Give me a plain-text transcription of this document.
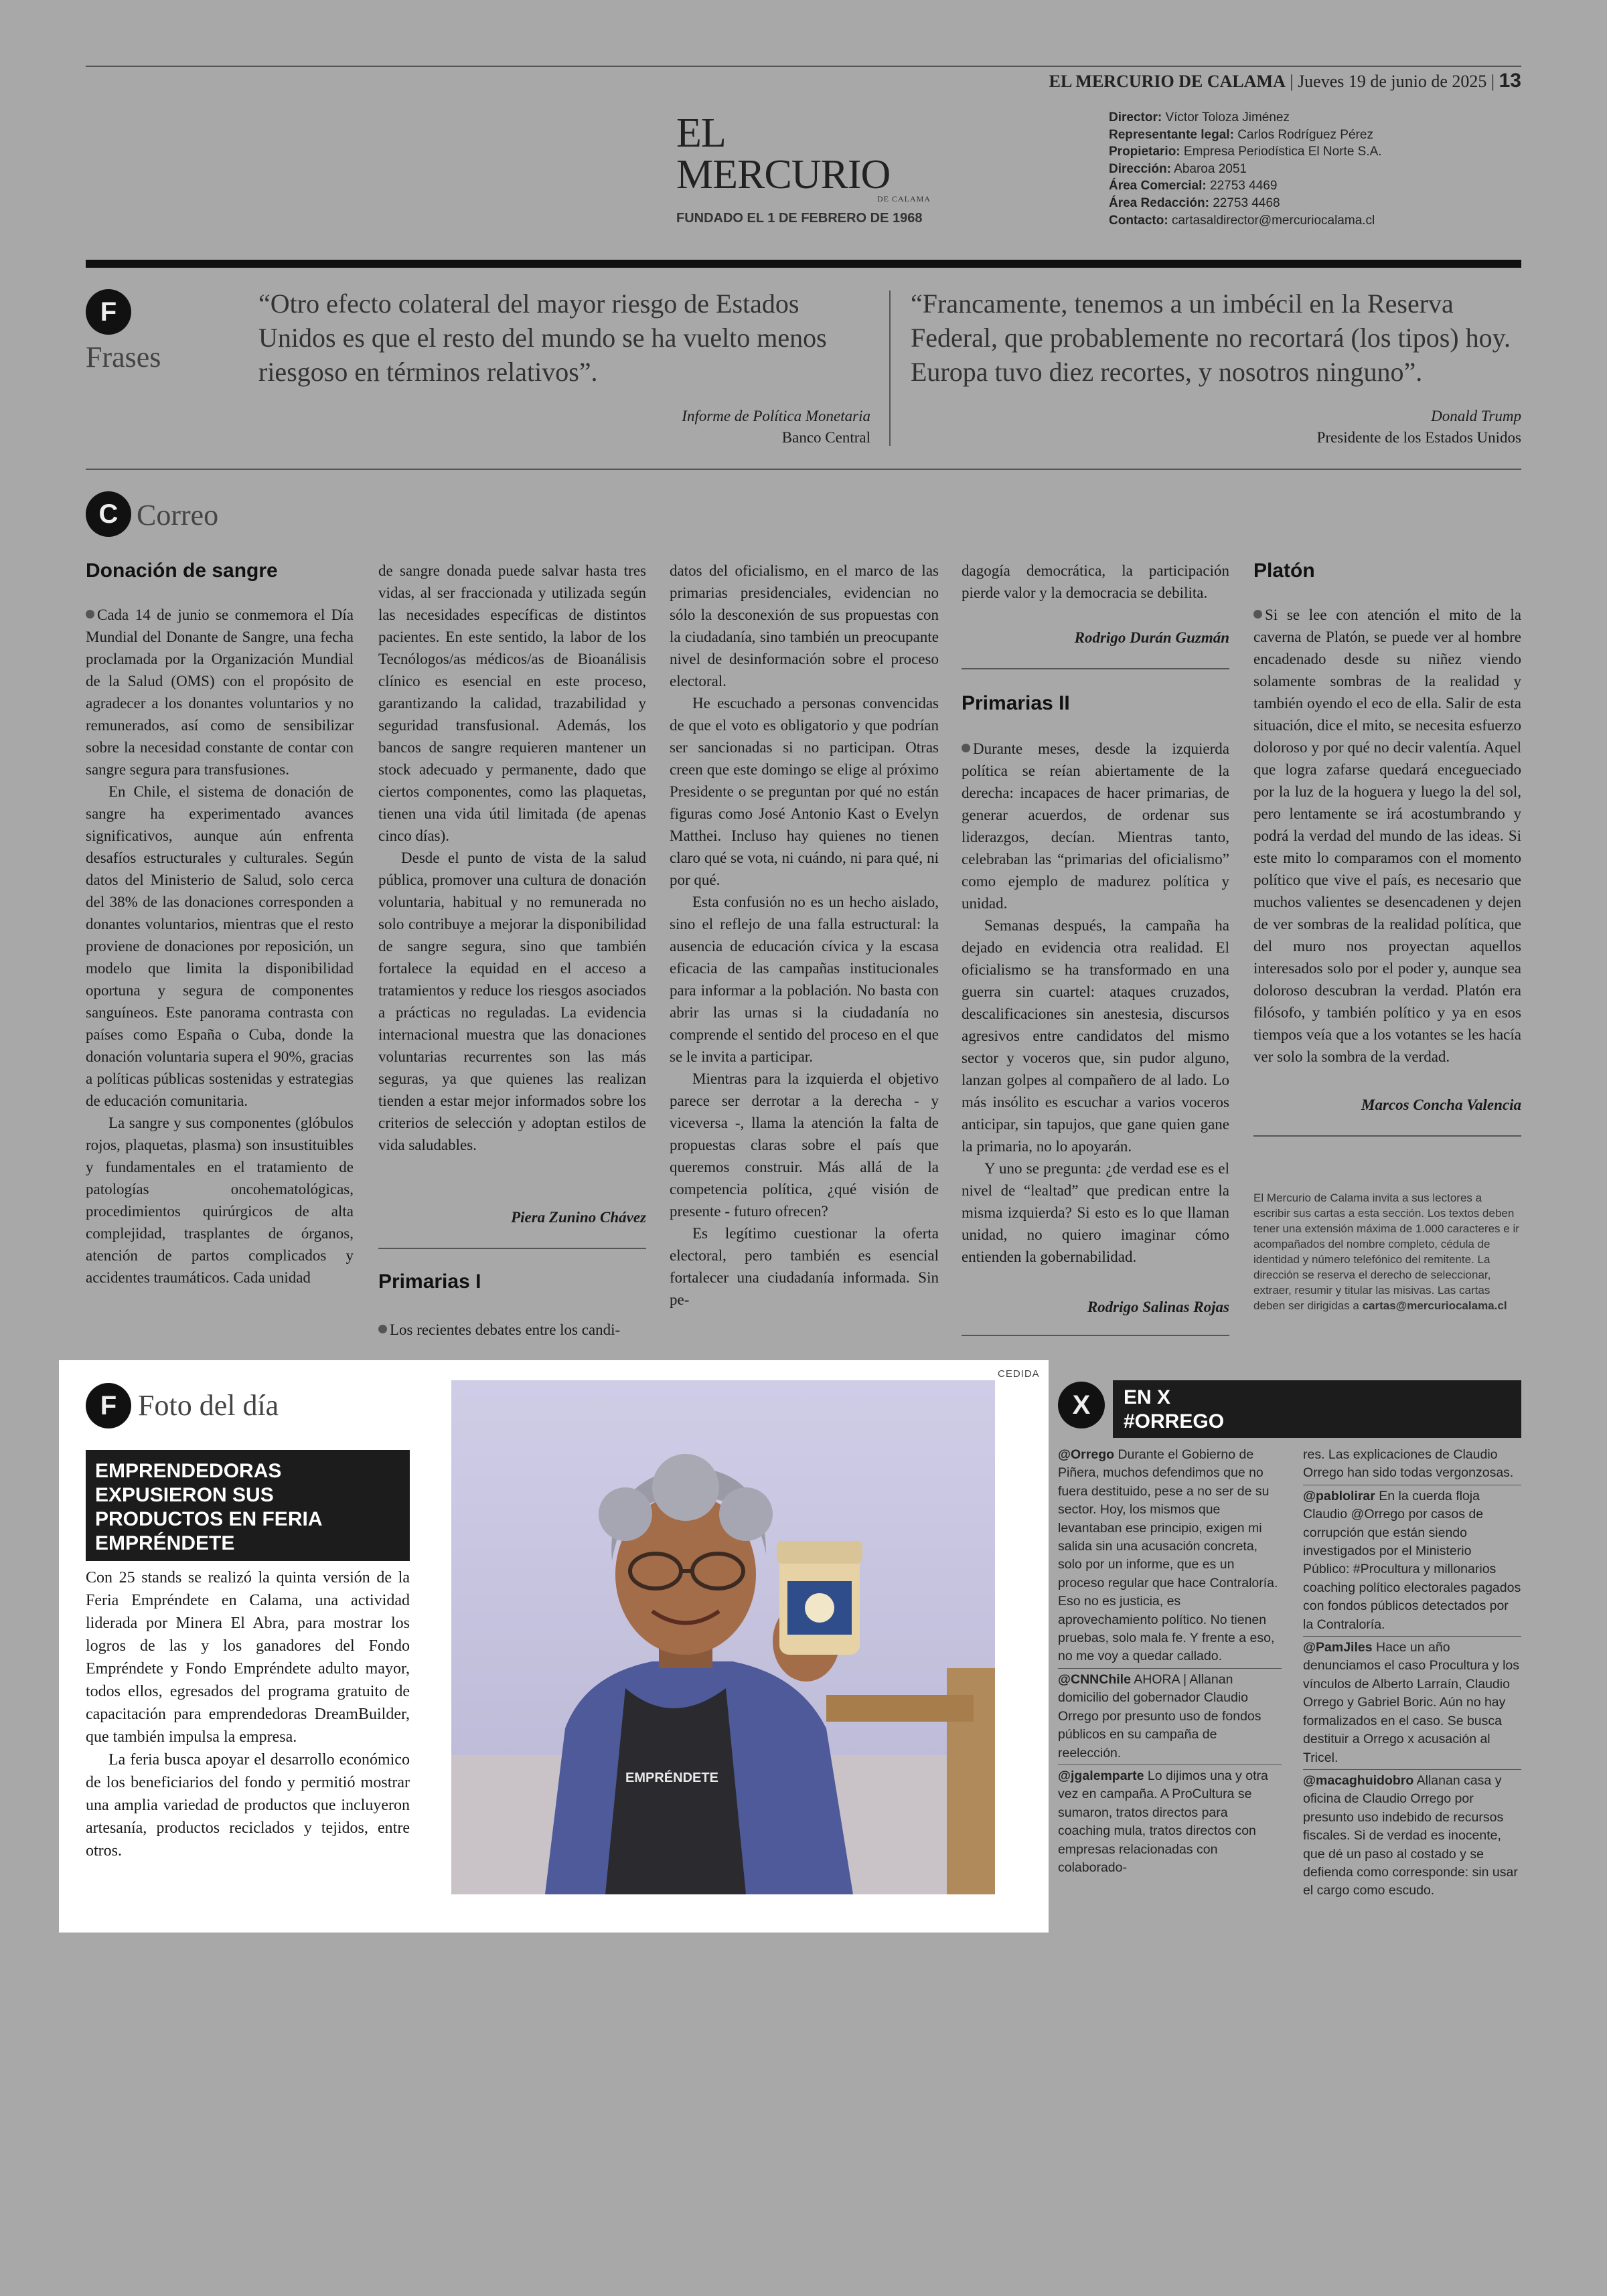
EL MERCURIO DE CALAMA | Jueves 19 de junio de 2025 | 13
EL MERCURIO
DE CALAMA
FUNDADO EL 1 DE FEBRERO DE 1968
Director: Víctor Toloza Jiménez
Representante legal: Carlos Rodríguez Pérez
Propietario: Empresa Periodística El Norte S.A.
Dirección: Abaroa 2051
Área Comercial: 22753 4469
Área Redacción: 22753 4468
Contacto: cartasaldirector@mercuriocalama.cl
F
Frases
“Otro efecto colateral del mayor riesgo de Estados Unidos es que el resto del mundo se ha vuelto menos riesgoso en términos relativos”.
Informe de Política Monetaria
Banco Central
“Francamente, tenemos a un imbécil en la Reserva Federal, que probablemente no recortará (los tipos) hoy. Europa tuvo diez recortes, y nosotros ninguno”.
Donald Trump
Presidente de los Estados Unidos
C Correo
Donación de sangre

Cada 14 de junio se conmemora el Día Mundial del Donante de Sangre, una fecha proclamada por la Organización Mundial de la Salud (OMS) con el propósito de agradecer a los donantes voluntarios y no remunerados, así como de sensibilizar sobre la necesidad constante de contar con sangre segura para transfusiones.

En Chile, el sistema de donación de sangre ha experimentado avances significativos, aunque aún enfrenta desafíos estructurales y culturales. Según datos del Ministerio de Salud, solo cerca del 38% de las donaciones corresponden a donantes voluntarios, mientras que el resto proviene de donaciones por reposición, un modelo que limita la disponibilidad oportuna y segura de componentes sanguíneos. Este panorama contrasta con países como España o Cuba, donde la donación voluntaria supera el 90%, gracias a políticas públicas sostenidas y estrategias de educación comunitaria.

La sangre y sus componentes (glóbulos rojos, plaquetas, plasma) son insustituibles y fundamentales en el tratamiento de patologías oncohematológicas, procedimientos quirúrgicos de alta complejidad, trasplantes de órganos, atención de partos complicados y accidentes traumáticos. Cada unidad

de sangre donada puede salvar hasta tres vidas, al ser fraccionada y utilizada según las necesidades específicas de distintos pacientes. En este sentido, la labor de los Tecnólogos/as médicos/as de Bioanálisis clínico es esencial en este proceso, garantizando la calidad, trazabilidad y seguridad transfusional. Además, los bancos de sangre requieren mantener un stock adecuado y permanente, dado que ciertos componentes, como las plaquetas, tienen una vida útil limitada (de apenas cinco días).

Desde el punto de vista de la salud pública, promover una cultura de donación voluntaria, habitual y no remunerada no solo contribuye a mejorar la disponibilidad de sangre segura, sino que también fortalece la equidad en el acceso a tratamientos y reduce los riesgos asociados a prácticas no reguladas. La evidencia internacional muestra que las donaciones voluntarias recurrentes son las más seguras, ya que quienes las realizan tienden a estar mejor informados sobre los criterios de selección y adoptan estilos de vida saludables.

Piera Zunino Chávez
Primarias I

Los recientes debates entre los candi-

datos del oficialismo, en el marco de las primarias presidenciales, evidencian no sólo la desconexión de sus propuestas con la ciudadanía, sino también un preocupante nivel de desinformación sobre el proceso electoral.

He escuchado a personas convencidas de que el voto es obligatorio y que podrían ser sancionadas si no participan. Otras creen que este domingo se elige al próximo Presidente o se preguntan por qué no están figuras como José Antonio Kast o Evelyn Matthei. Incluso hay quienes no tienen claro qué se vota, ni cuándo, ni para qué, ni por qué.

Esta confusión no es un hecho aislado, sino el reflejo de una falla estructural: la ausencia de educación cívica y la escasa eficacia de las campañas institucionales para informar a la población. No basta con abrir las urnas si la ciudadanía no comprende el sentido del proceso en el que se le invita a participar.

Mientras para la izquierda el objetivo parece ser derrotar a la derecha - y viceversa -, llama la atención la falta de propuestas claras sobre el país que queremos construir. Más allá de la competencia política, ¿qué visión de presente - futuro ofrecen?

Es legítimo cuestionar la oferta electoral, pero también es esencial fortalecer una ciudadanía informada. Sin pe-

dagogía democrática, la participación pierde valor y la democracia se debilita.

Rodrigo Durán Guzmán
Primarias II

Durante meses, desde la izquierda política se reían abiertamente de la derecha: incapaces de hacer primarias, de generar acuerdos, de ordenar sus liderazgos, decían. Mientras tanto, celebraban las “primarias del oficialismo” como ejemplo de madurez política y unidad.

Semanas después, la campaña ha dejado en evidencia otra realidad. El oficialismo se ha transformado en una guerra sin cuartel: ataques cruzados, descalificaciones sin anestesia, discursos agresivos entre candidatos del mismo sector y voceros que, sin pudor alguno, lanzan golpes al compañero de al lado. Lo más insólito es escuchar a varios voceros anticipar, sin tapujos, que gane quien gane la primaria, no lo apoyarán.

Y uno se pregunta: ¿de verdad ese es el nivel de “lealtad” que predican entre la misma izquierda? Si esto es lo que llaman unidad, no quiero imaginar cómo entienden la gobernabilidad.

Rodrigo Salinas Rojas
Platón

Si se lee con atención el mito de la caverna de Platón, se puede ver al hombre encadenado desde su niñez viendo solamente sombras de la realidad y también oyendo el eco de ella. Salir de esta situación, dice el mito, se necesita esfuerzo doloroso y por qué no decir valentía. Aquel que logra zafarse quedará encegueciado por la luz de la hoguera y luego la del sol, pero lentamente se irá acostumbrando y podrá la verdad del mundo de las ideas. Si este mito lo comparamos con el momento político que vive el país, es necesario que muchos valientes se desencadenen y dejen de ver sombras de la realidad política, que del muro nos proyectan aquellos interesados solo por el poder y, aunque sea doloroso descubran la verdad. Platón era filósofo, y también político y ya en esos tiempos veía que a los votantes se les hacía ver solo la sombra de la verdad.

Marcos Concha Valencia
El Mercurio de Calama invita a sus lectores a escribir sus cartas a esta sección. Los textos deben tener una extensión máxima de 1.000 caracteres e ir acompañados del nombre completo, cédula de identidad y número telefónico del remitente. La dirección se reserva el derecho de seleccionar, extraer, resumir y titular las misivas. Las cartas deben ser dirigidas a cartas@mercuriocalama.cl
F Foto del día
EMPRENDEDORAS EXPUSIERON SUS PRODUCTOS EN FERIA EMPRÉNDETE

Con 25 stands se realizó la quinta versión de la Feria Empréndete en Calama, una actividad liderada por Minera El Abra, para mostrar los logros de las y los ganadores del Fondo Empréndete y Fondo Empréndete adulto mayor, todos ellos, egresados del programa gratuito de capacitación para emprendedoras DreamBuilder, que también impulsa la empresa.

La feria busca apoyar el desarrollo económico de los beneficiarios del fondo y permitió mostrar una amplia variedad de productos que incluyeron artesanía, productos reciclados y tejidos, entre otros.

CEDIDA
EMPRÉNDETE
X	EN X
#ORREGO
@Orrego Durante el Gobierno de Piñera, muchos defendimos que no fuera destituido, pese a no ser de su sector. Hoy, los mismos que levantaban ese principio, exigen mi salida sin una acusación concreta, solo por un informe, que es un proceso regular que hace Contraloría. Eso no es justicia, es aprovechamiento político. No tienen pruebas, solo mala fe. Y frente a eso, no me voy a quedar callado.
@CNNChile AHORA | Allanan domicilio del gobernador Claudio Orrego por presunto uso de fondos públicos en su campaña de reelección.
@jgalemparte Lo dijimos una y otra vez en campaña. A ProCultura se sumaron, tratos directos para coaching mula, tratos directos con empresas relacionadas con colaborado-
res. Las explicaciones de Claudio Orrego han sido todas vergonzosas.
@pablolirar En la cuerda floja Claudio @Orrego por casos de corrupción que están siendo investigados por el Ministerio Público: #Procultura y millonarios coaching político electorales pagados con fondos públicos detectados por la Contraloría.
@PamJiles Hace un año denunciamos el caso Procultura y los vínculos de Alberto Larraín, Claudio Orrego y Gabriel Boric. Aún no hay formalizados en el caso. Se busca destituir a Orrego x acusación al Tricel.
@macaghuidobro Allanan casa y oficina de Claudio Orrego por presunto uso indebido de recursos fiscales. Si de verdad es inocente, que dé un paso al costado y se defienda como corresponde: sin usar el cargo como escudo.
